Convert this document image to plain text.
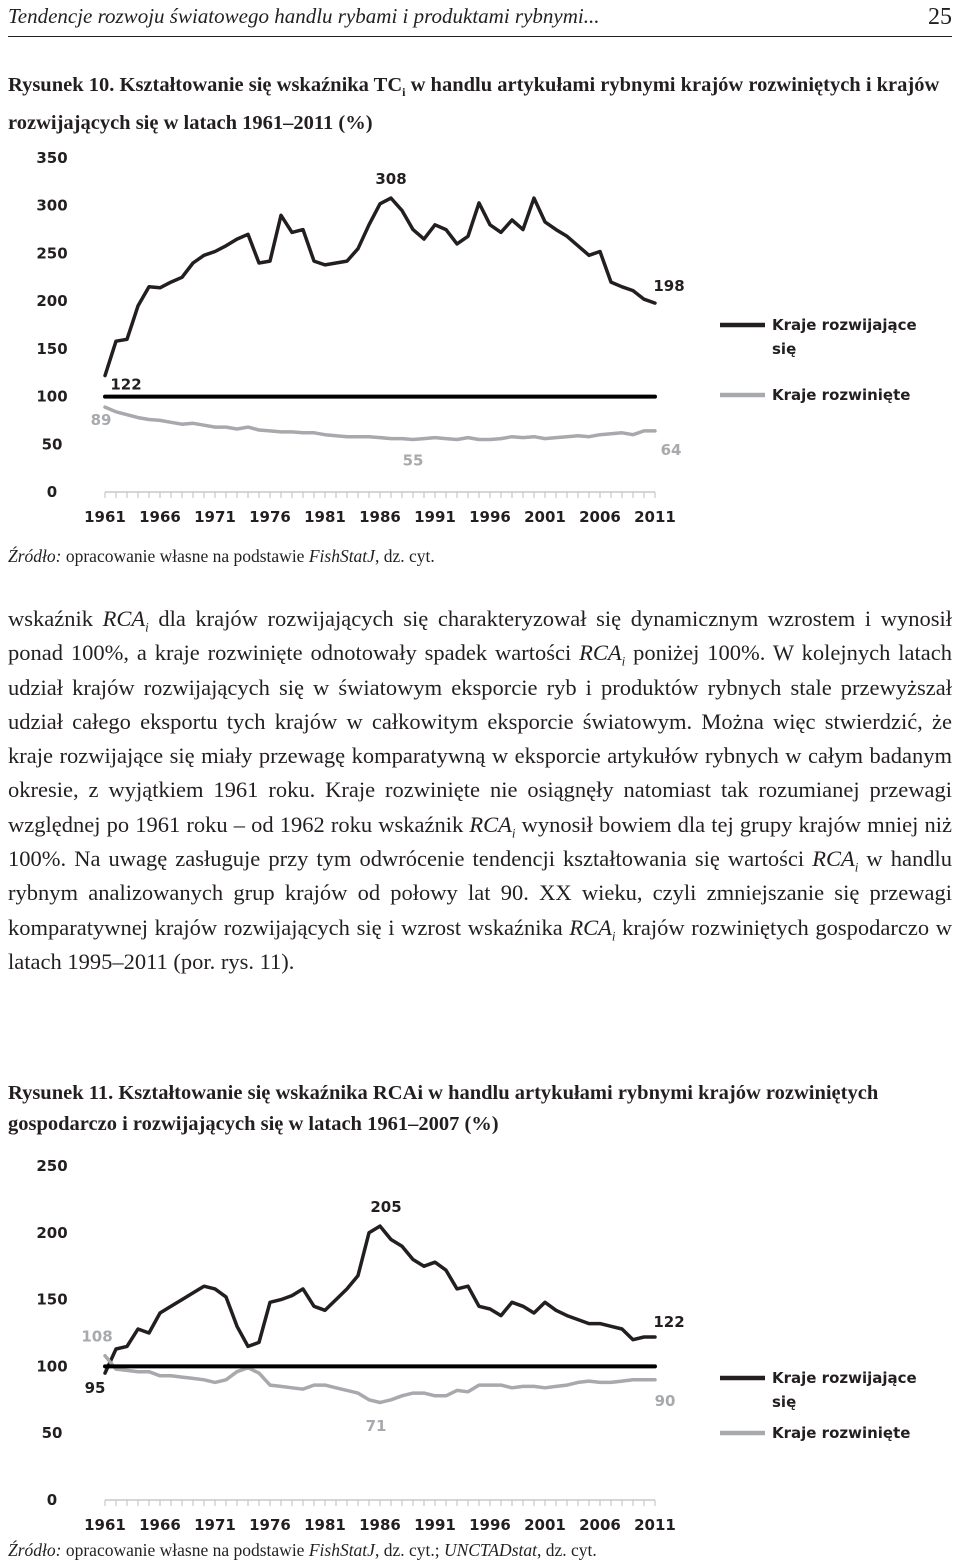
Tendencje rozwoju światowego handlu rybami i produktami rybnymi...	25
Rysunek 10. Kształtowanie się wskaźnika $TC_i$ w handlu artykułami rybnymi krajów rozwiniętych i krajów rozwijających się w latach 1961–2011 (%)
0
50
100
150
200
250
300
350
1961 1966 1971 1976 1981 1986 1991 1996 2001 2006 2011
122
308
198
89
55
64
Kraje rozwijające się
Kraje rozwinięte
Źródło: opracowanie własne na podstawie FishStatJ, dz. cyt.

wskaźnik $RCA_i$ dla krajów rozwijających się charakteryzował się dynamicznym wzrostem i wynosił ponad 100%, a kraje rozwinięte odnotowały spadek wartości $RCA_i$ poniżej 100%. W kolejnych latach udział krajów rozwijających się w światowym eksporcie ryb i produktów rybnych stale przewyższał udział całego eksportu tych krajów w całkowitym eksporcie światowym. Można więc stwierdzić, że kraje rozwijające się miały przewagę komparatywną w eksporcie artykułów rybnych w całym badanym okresie, z wyjątkiem 1961 roku. Kraje rozwinięte nie osiągnęły natomiast tak rozumianej przewagi względnej po 1961 roku – od 1962 roku wskaźnik $RCA_i$ wynosił bowiem dla tej grupy krajów mniej niż 100%. Na uwagę zasługuje przy tym odwrócenie tendencji kształtowania się wartości $RCA_i$ w handlu rybnym analizowanych grup krajów od połowy lat 90. XX wieku, czyli zmniejszanie się przewagi komparatywnej krajów rozwijających się i wzrost wskaźnika $RCA_i$ krajów rozwiniętych gospodarczo w latach 1995–2011 (por. rys. 11).

Rysunek 11. Kształtowanie się wskaźnika RCAi w handlu artykułami rybnymi krajów rozwiniętych gospodarczo i rozwijających się w latach 1961–2007 (%)
0
50
100
150
200
250
1961 1966 1971 1976 1981 1986 1991 1996 2001 2006 2011
108
95
205
71
122
90
Kraje rozwijające się
Kraje rozwinięte
Źródło: opracowanie własne na podstawie FishStatJ, dz. cyt.; UNCTADstat, dz. cyt.
